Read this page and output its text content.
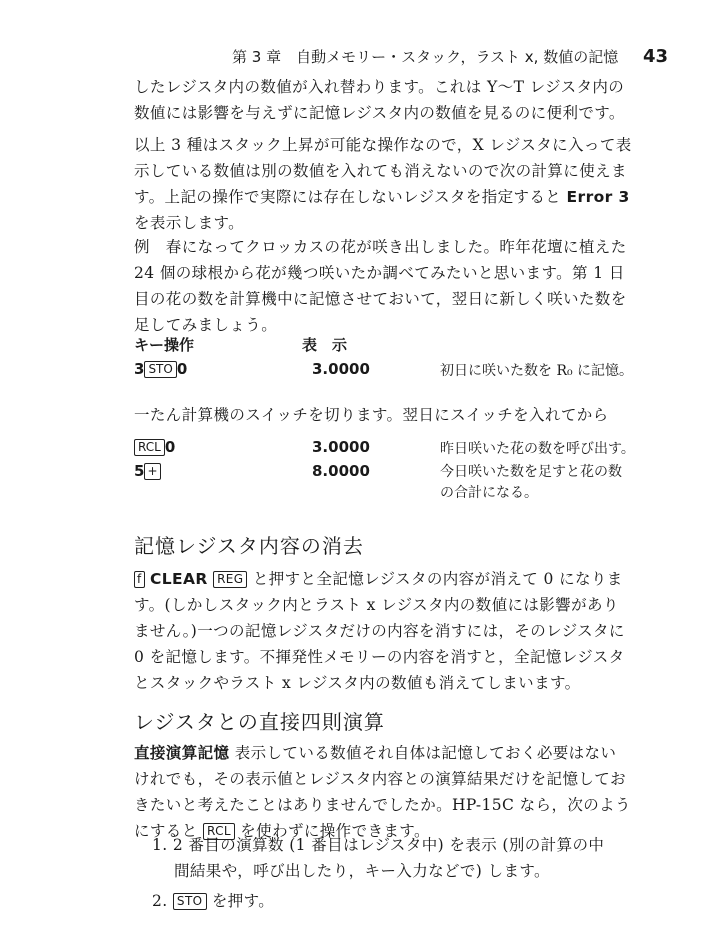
第 3 章　自動メモリー・スタック，ラスト x, 数値の記憶 43

したレジスタ内の数値が入れ替わります。これは Y～T レジスタ内の
数値には影響を与えずに記憶レジスタ内の数値を見るのに便利です。

以上 3 種はスタック上昇が可能な操作なので，X レジスタに入って表
示している数値は別の数値を入れても消えないので次の計算に使えま
す。上記の操作で実際には存在しないレジスタを指定すると Error 3
を表示します。

例　春になってクロッカスの花が咲き出しました。昨年花壇に植えた
24 個の球根から花が幾つ咲いたか調べてみたいと思います。第 1 日
目の花の数を計算機中に記憶させておいて，翌日に新しく咲いた数を
足してみましょう。

キー操作	表　示
3 STO 0	3.0000	初日に咲いた数を R₀ に記憶。
一たん計算機のスイッチを切ります。翌日にスイッチを入れてから
RCL 0	3.0000	昨日咲いた花の数を呼び出す。
5 +	8.0000	今日咲いた数を足すと花の数
の合計になる。
記憶レジスタ内容の消去

f CLEAR REG と押すと全記憶レジスタの内容が消えて 0 になりま
す。(しかしスタック内とラスト x レジスタ内の数値には影響があり
ません。)一つの記憶レジスタだけの内容を消すには，そのレジスタに
0 を記憶します。不揮発性メモリーの内容を消すと，全記憶レジスタ
とスタックやラスト x レジスタ内の数値も消えてしまいます。

レジスタとの直接四則演算

直接演算記憶 表示している数値それ自体は記憶しておく必要はない
けれでも，その表示値とレジスタ内容との演算結果だけを記憶してお
きたいと考えたことはありませんでしたか。HP-15C なら，次のよう
にすると RCL を使わずに操作できます。

1. 2 番目の演算数 (1 番目はレジスタ中) を表示 (別の計算の中
間結果や，呼び出したり，キー入力などで) します。
2. STO を押す。
